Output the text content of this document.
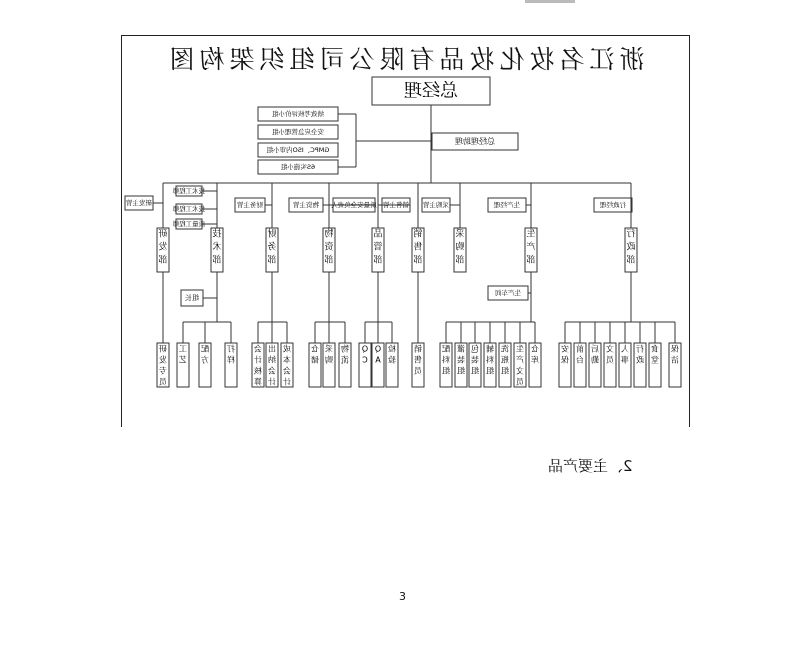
浙江名妆化妆品有限公司组织架构图
总经理
总经理助理
绩效考核评价小组
安全应急管理小组
GMPC、ISO内审小组
6S实施小组
研发主管
技术工程师
技术工程师
质量工程师
财务主管	物资主管 质量安全负责人 销售主管 采购主管	生产经理	行政经理
研
发
部
技
术
部
财
务
部
物
资
部
品
管
部
销
售
部
采
购
部
生
产
部
行
政
部
组长
生产车间
研
发
专
员
工
艺
配
方
打
样
会
计
核
算
出
纳
会
计
成
本
会
计
仓
储
采
购
物
流
Q
C
Q
A
检
验
销
售
员
配
料
组
灌
装
组
包
装
组
辅
料
组
洗
瓶
组
生
产
文
员
仓
库
安
保
前
台
后
勤
文
员
人
事
行
政
食
堂
保
洁
2、主要产品
3
